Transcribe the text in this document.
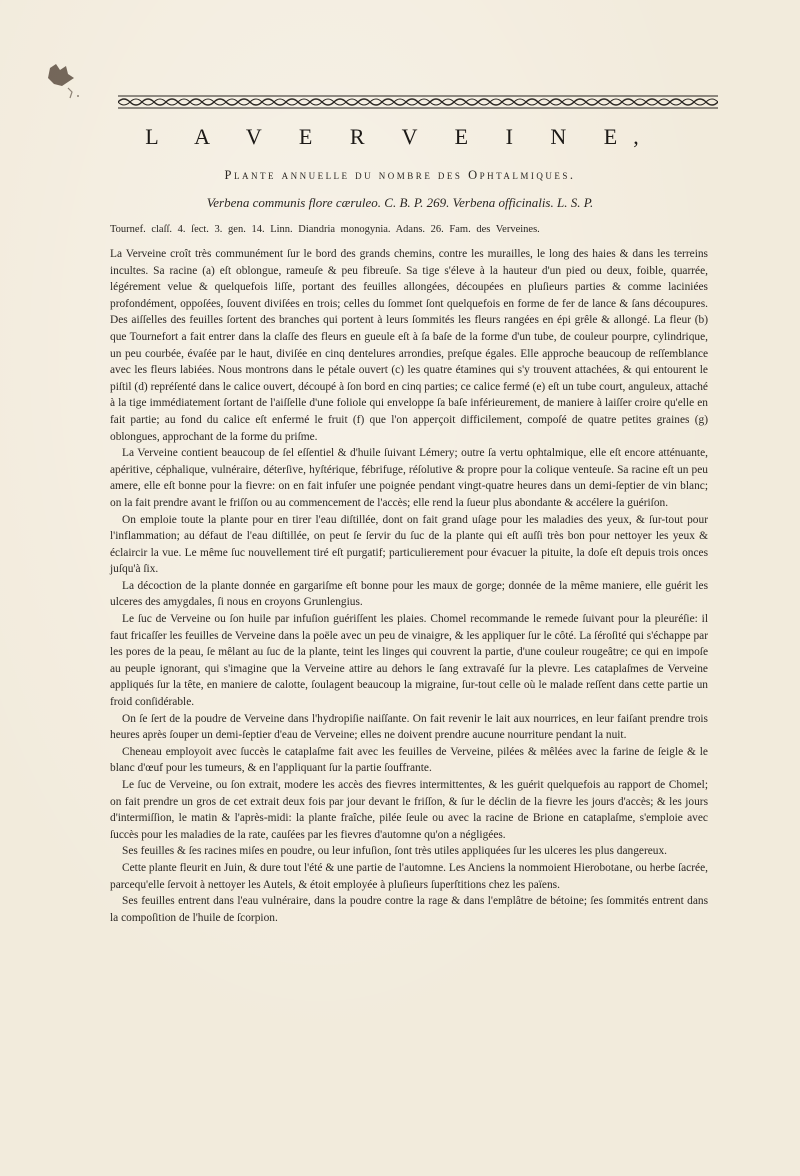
L A V E R V E I N E,
Plante annuelle du nombre des Ophtalmiques.
Verbena communis flore cæruleo. C. B. P. 269. Verbena officinalis. L. S. P.
Tournef. claſſ. 4. ſect. 3. gen. 14. Linn. Diandria monogynia. Adans. 26. Fam. des Verveines.

La Verveine croît très communément ſur le bord des grands chemins, contre les murailles, le long des haies & dans les terreins incultes. Sa racine (a) eſt oblongue, rameuſe & peu fibreuſe. Sa tige s'éleve à la hauteur d'un pied ou deux, foible, quarrée, légérement velue & quelquefois liſſe, portant des feuilles allongées, découpées en pluſieurs parties & comme laciniées profondément, oppoſées, ſouvent diviſées en trois; celles du ſommet ſont quelquefois en forme de fer de lance & ſans découpures. Des aiſſelles des feuilles ſortent des branches qui portent à leurs ſommités les fleurs rangées en épi grêle & allongé. La fleur (b) que Tournefort a fait entrer dans la claſſe des fleurs en gueule eſt à ſa baſe de la forme d'un tube, de couleur pourpre, cylindrique, un peu courbée, évaſée par le haut, diviſée en cinq dentelures arrondies, preſque égales. Elle approche beaucoup de reſſemblance avec les fleurs labiées. Nous montrons dans le pétale ouvert (c) les quatre étamines qui s'y trouvent attachées, & qui entourent le piſtil (d) repréſenté dans le calice ouvert, découpé à ſon bord en cinq parties; ce calice fermé (e) eſt un tube court, anguleux, attaché à la tige immédiatement ſortant de l'aiſſelle d'une foliole qui enveloppe ſa baſe inférieurement, de maniere à laiſſer croire qu'elle en fait partie; au fond du calice eſt enfermé le fruit (f) que l'on apperçoit difficilement, compoſé de quatre petites graines (g) oblongues, approchant de la forme du priſme.

La Verveine contient beaucoup de ſel eſſentiel & d'huile ſuivant Lémery; outre ſa vertu ophtalmique, elle eſt encore atténuante, apéritive, céphalique, vulnéraire, déterſive, hyſtérique, fébrifuge, réſolutive & propre pour la colique venteuſe. Sa racine eſt un peu amere, elle eſt bonne pour la fievre: on en fait infuſer une poignée pendant vingt-quatre heures dans un demi-ſeptier de vin blanc; on la fait prendre avant le friſſon ou au commencement de l'accès; elle rend la ſueur plus abondante & accélere la guériſon.

On emploie toute la plante pour en tirer l'eau diſtillée, dont on fait grand uſage pour les maladies des yeux, & ſur-tout pour l'inflammation; au défaut de l'eau diſtillée, on peut ſe ſervir du ſuc de la plante qui eſt auſſi très bon pour nettoyer les yeux & éclaircir la vue. Le même ſuc nouvellement tiré eſt purgatif; particulierement pour évacuer la pituite, la doſe eſt depuis trois onces juſqu'à ſix.

La décoction de la plante donnée en gargariſme eſt bonne pour les maux de gorge; donnée de la même maniere, elle guérit les ulceres des amygdales, ſi nous en croyons Grunlengius.

Le ſuc de Verveine ou ſon huile par infuſion guériſſent les plaies. Chomel recommande le remede ſuivant pour la pleuréſie: il faut fricaſſer les feuilles de Verveine dans la poële avec un peu de vinaigre, & les appliquer ſur le côté. La ſéroſité qui s'échappe par les pores de la peau, ſe mêlant au ſuc de la plante, teint les linges qui couvrent la partie, d'une couleur rougeâtre; ce qui en impoſe au peuple ignorant, qui s'imagine que la Verveine attire au dehors le ſang extravaſé ſur la plevre. Les cataplaſmes de Verveine appliqués ſur la tête, en maniere de calotte, ſoulagent beaucoup la migraine, ſur-tout celle où le malade reſſent dans cette partie un froid conſidérable.

On ſe ſert de la poudre de Verveine dans l'hydropiſie naiſſante. On fait revenir le lait aux nourrices, en leur faiſant prendre trois heures après ſouper un demi-ſeptier d'eau de Verveine; elles ne doivent prendre aucune nourriture pendant la nuit.

Cheneau employoit avec ſuccès le cataplaſme fait avec les feuilles de Verveine, pilées & mêlées avec la farine de ſeigle & le blanc d'œuf pour les tumeurs, & en l'appliquant ſur la partie ſouffrante.

Le ſuc de Verveine, ou ſon extrait, modere les accès des fievres intermittentes, & les guérit quelquefois au rapport de Chomel; on fait prendre un gros de cet extrait deux fois par jour devant le friſſon, & ſur le déclin de la fievre les jours d'accès; & les jours d'intermiſſion, le matin & l'après-midi: la plante fraîche, pilée ſeule ou avec la racine de Brione en cataplaſme, s'emploie avec ſuccès pour les maladies de la rate, cauſées par les fievres d'automne qu'on a négligées.

Ses feuilles & ſes racines miſes en poudre, ou leur infuſion, ſont très utiles appliquées ſur les ulceres les plus dangereux.

Cette plante fleurit en Juin, & dure tout l'été & une partie de l'automne. Les Anciens la nommoient Hierobotane, ou herbe ſacrée, parcequ'elle ſervoit à nettoyer les Autels, & étoit employée à pluſieurs ſuperſtitions chez les païens.

Ses feuilles entrent dans l'eau vulnéraire, dans la poudre contre la rage & dans l'emplâtre de bétoine; ſes ſommités entrent dans la compoſition de l'huile de ſcorpion.
